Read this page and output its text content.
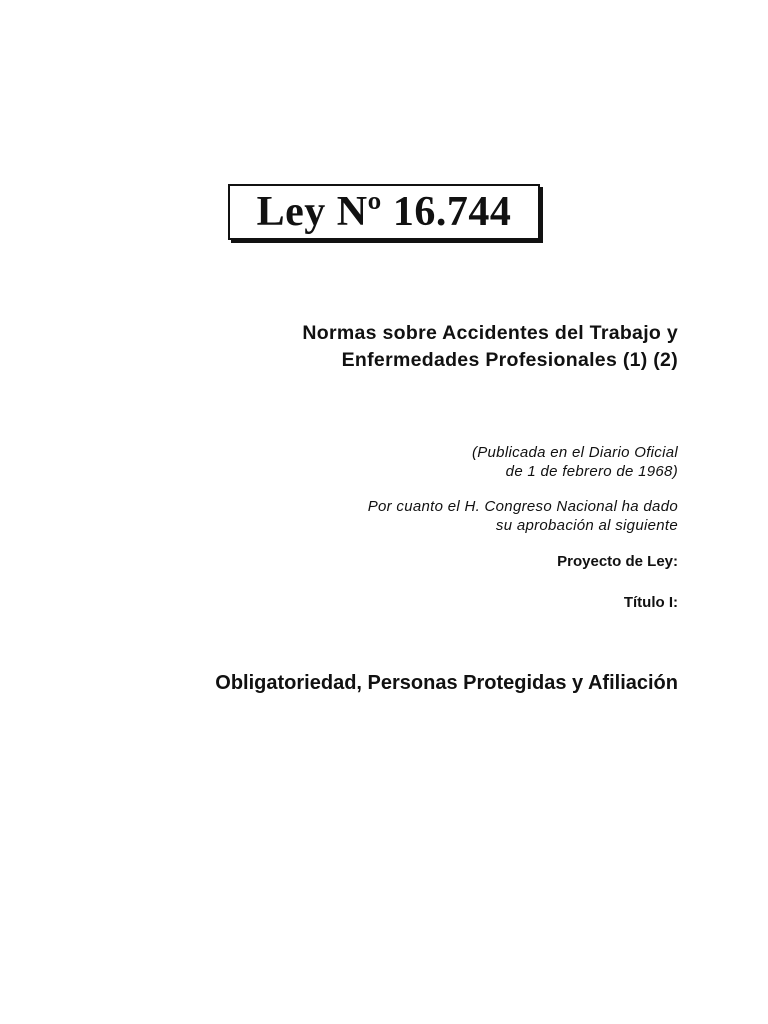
Ley Nº 16.744
Normas sobre Accidentes del Trabajo y
Enfermedades Profesionales (1) (2)
(Publicada en el Diario Oficial
de 1 de febrero de 1968)
Por cuanto el H. Congreso Nacional ha dado
su aprobación al siguiente
Proyecto de Ley:
Título I:
Obligatoriedad, Personas Protegidas y Afiliación
